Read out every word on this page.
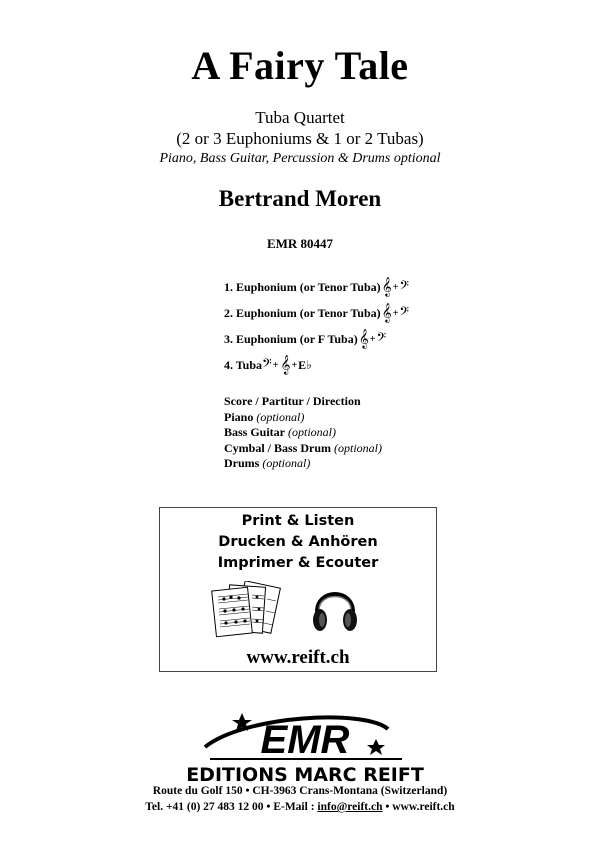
A Fairy Tale
Tuba Quartet
(2 or 3 Euphoniums & 1 or 2 Tubas)
Piano, Bass Guitar, Percussion & Drums optional
Bertrand Moren
EMR 80447
1. Euphonium (or Tenor Tuba) 𝄞 + 𝄢
2. Euphonium (or Tenor Tuba) 𝄞 + 𝄢
3. Euphonium (or F Tuba) 𝄞 + 𝄢
4. Tuba 𝄢 + 𝄞 + E♭
Score / Partitur / Direction
Piano (optional)
Bass Guitar (optional)
Cymbal / Bass Drum (optional)
Drums (optional)
Print & Listen
Drucken & Anhören
Imprimer & Ecouter
www.reift.ch
EMR
EDITIONS MARC REIFT
Route du Golf 150 • CH-3963 Crans-Montana (Switzerland)
Tel. +41 (0) 27 483 12 00 • E-Mail : info@reift.ch • www.reift.ch
